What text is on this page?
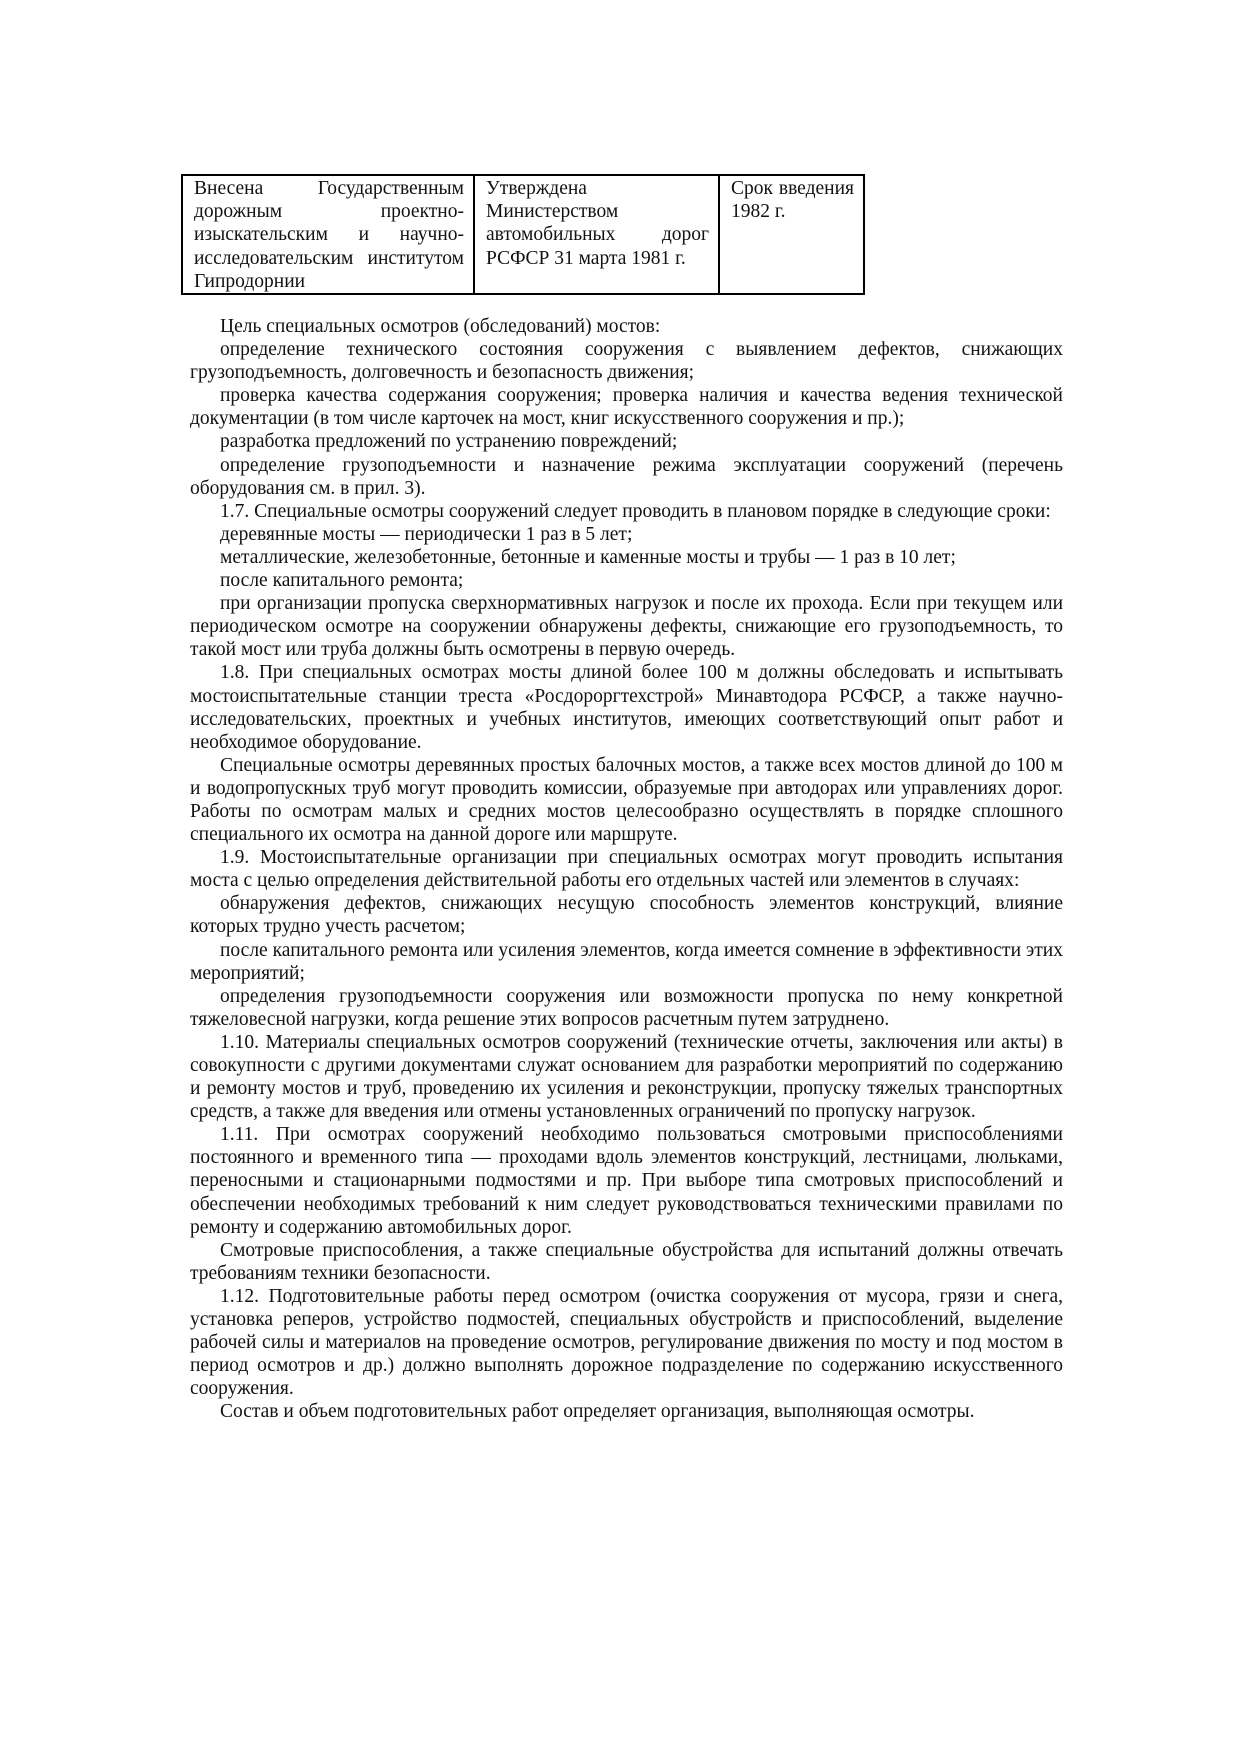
Внесена Государственным дорожным проектно-изыскательским и научно-исследовательским институтом Гипродорнии	Утверждена Министерством автомобильных дорог РСФСР 31 марта 1981 г.	Срок введения 1982 г.

Цель специальных осмотров (обследований) мостов:

определение технического состояния сооружения с выявлением дефектов, снижающих грузоподъемность, долговечность и безопасность движения;

проверка качества содержания сооружения; проверка наличия и качества ведения технической документации (в том числе карточек на мост, книг искусственного сооружения и пр.);

разработка предложений по устранению повреждений;

определение грузоподъемности и назначение режима эксплуатации сооружений (перечень оборудования см. в прил. 3).

1.7. Специальные осмотры сооружений следует проводить в плановом порядке в следующие сроки:

деревянные мосты — периодически 1 раз в 5 лет;

металлические, железобетонные, бетонные и каменные мосты и трубы — 1 раз в 10 лет;

после капитального ремонта;

при организации пропуска сверхнормативных нагрузок и после их прохода. Если при текущем или периодическом осмотре на сооружении обнаружены дефекты, снижающие его грузоподъемность, то такой мост или труба должны быть осмотрены в первую очередь.

1.8. При специальных осмотрах мосты длиной более 100 м должны обследовать и испытывать мостоиспытательные станции треста «Росдороргтехстрой» Минавтодора РСФСР, а также научно-исследовательских, проектных и учебных институтов, имеющих соответствующий опыт работ и необходимое оборудование.

Специальные осмотры деревянных простых балочных мостов, а также всех мостов длиной до 100 м и водопропускных труб могут проводить комиссии, образуемые при автодорах или управлениях дорог. Работы по осмотрам малых и средних мостов целесообразно осуществлять в порядке сплошного специального их осмотра на данной дороге или маршруте.

1.9. Мостоиспытательные организации при специальных осмотрах могут проводить испытания моста с целью определения действительной работы его отдельных частей или элементов в случаях:

обнаружения дефектов, снижающих несущую способность элементов конструкций, влияние которых трудно учесть расчетом;

после капитального ремонта или усиления элементов, когда имеется сомнение в эффективности этих мероприятий;

определения грузоподъемности сооружения или возможности пропуска по нему конкретной тяжеловесной нагрузки, когда решение этих вопросов расчетным путем затруднено.

1.10. Материалы специальных осмотров сооружений (технические отчеты, заключения или акты) в совокупности с другими документами служат основанием для разработки мероприятий по содержанию и ремонту мостов и труб, проведению их усиления и реконструкции, пропуску тяжелых транспортных средств, а также для введения или отмены установленных ограничений по пропуску нагрузок.

1.11. При осмотрах сооружений необходимо пользоваться смотровыми приспособлениями постоянного и временного типа — проходами вдоль элементов конструкций, лестницами, люльками, переносными и стационарными подмостями и пр. При выборе типа смотровых приспособлений и обеспечении необходимых требований к ним следует руководствоваться техническими правилами по ремонту и содержанию автомобильных дорог.

Смотровые приспособления, а также специальные обустройства для испытаний должны отвечать требованиям техники безопасности.

1.12. Подготовительные работы перед осмотром (очистка сооружения от мусора, грязи и снега, установка реперов, устройство подмостей, специальных обустройств и приспособлений, выделение рабочей силы и материалов на проведение осмотров, регулирование движения по мосту и под мостом в период осмотров и др.) должно выполнять дорожное подразделение по содержанию искусственного сооружения.

Состав и объем подготовительных работ определяет организация, выполняющая осмотры.
